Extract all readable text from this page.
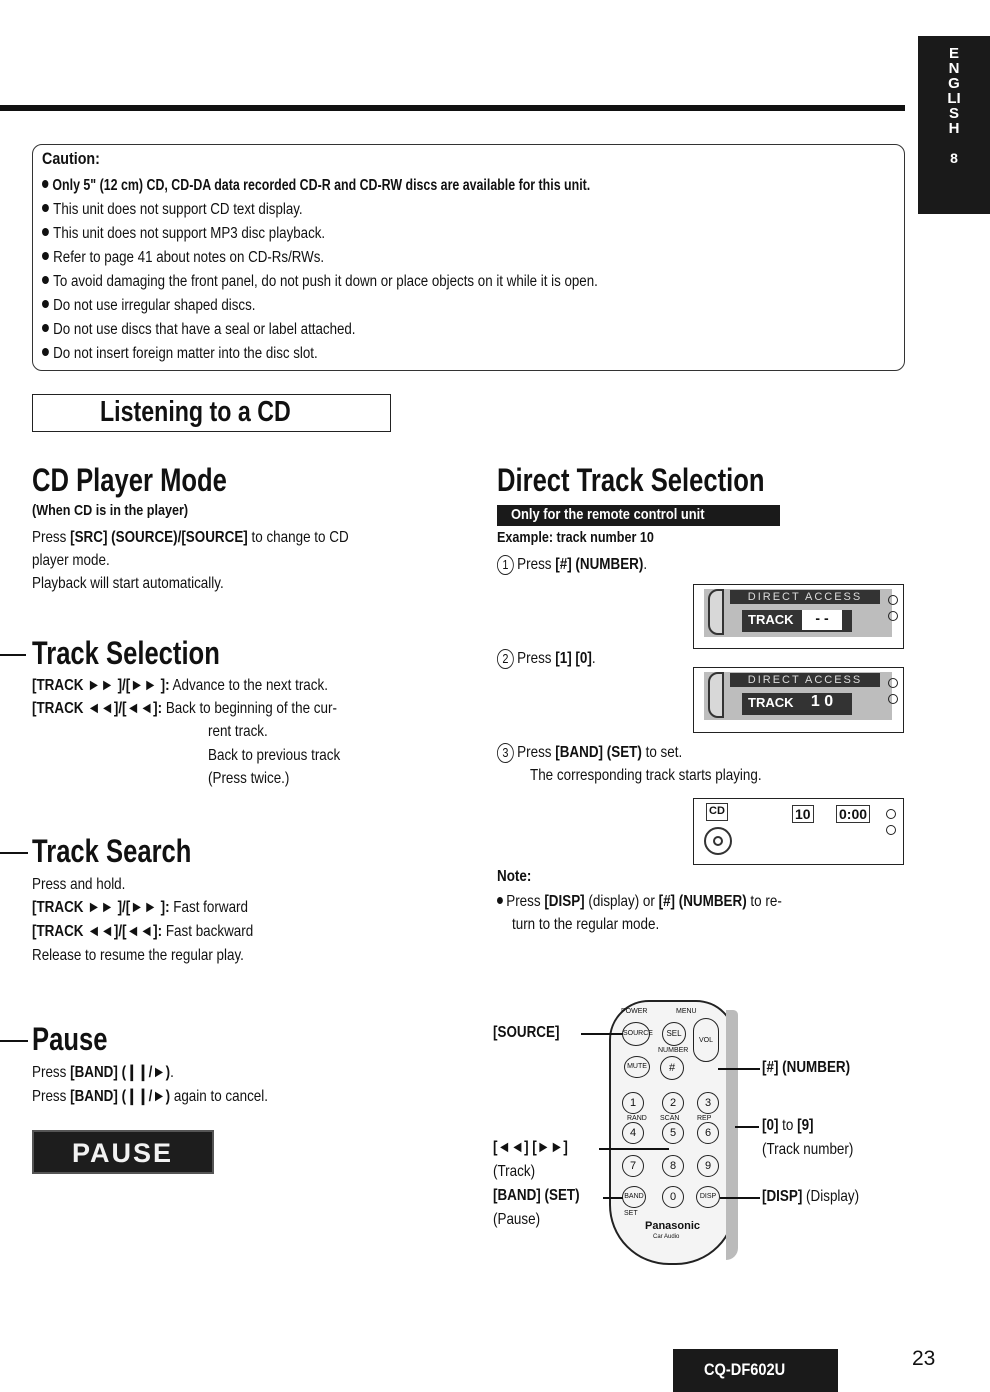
ENGLISH
8
Caution:
Only 5" (12 cm) CD, CD-DA data recorded CD-R and CD-RW discs are available for this unit.
This unit does not support CD text display.
This unit does not support MP3 disc playback.
Refer to page 41 about notes on CD-Rs/RWs.
To avoid damaging the front panel, do not push it down or place objects on it while it is open.
Do not use irregular shaped discs.
Do not use discs that have a seal or label attached.
Do not insert foreign matter into the disc slot.
Listening to a CD
CD Player Mode
(When CD is in the player)
Press [SRC] (SOURCE)/[SOURCE] to change to CD
player mode.
Playback will start automatically.
Track Selection
[TRACK ►► ]/[►► ]: Advance to the next track.
[TRACK ◄◄]/[◄◄]: Back to beginning of the cur-
rent track.
Back to previous track
(Press twice.)
Track Search
Press and hold.
[TRACK ►► ]/[►► ]: Fast forward
[TRACK ◄◄]/[◄◄]: Fast backward
Release to resume the regular play.
Pause
Press [BAND] (❙❙/►).
Press [BAND] (❙❙/►) again to cancel.
PAUSE
Direct Track Selection
Only for the remote control unit
Example: track number 10
1 Press [#] (NUMBER).
2 Press [1] [0].
3 Press [BAND] (SET) to set.
The corresponding track starts playing.
DIRECT ACCESS
TRACK	- -
DIRECT ACCESS
TRACK	1 0
CD	10 0:00
Note:
Press [DISP] (display) or [#] (NUMBER) to re-
turn to the regular mode.
POWER	MENU
SOURCE	SEL
VOL
NUMBER
MUTE	#
1	2	3
RAND SCAN	REP
4	5	6
7	8	9
BAND	0	DISP
SET
Panasonic
Car Audio
[SOURCE]
[#] (NUMBER)
[0] to [9]
(Track number)
[◄◄] [►►]
(Track)
[BAND] (SET)
(Pause)
[DISP] (Display)
CQ-DF602U	23
